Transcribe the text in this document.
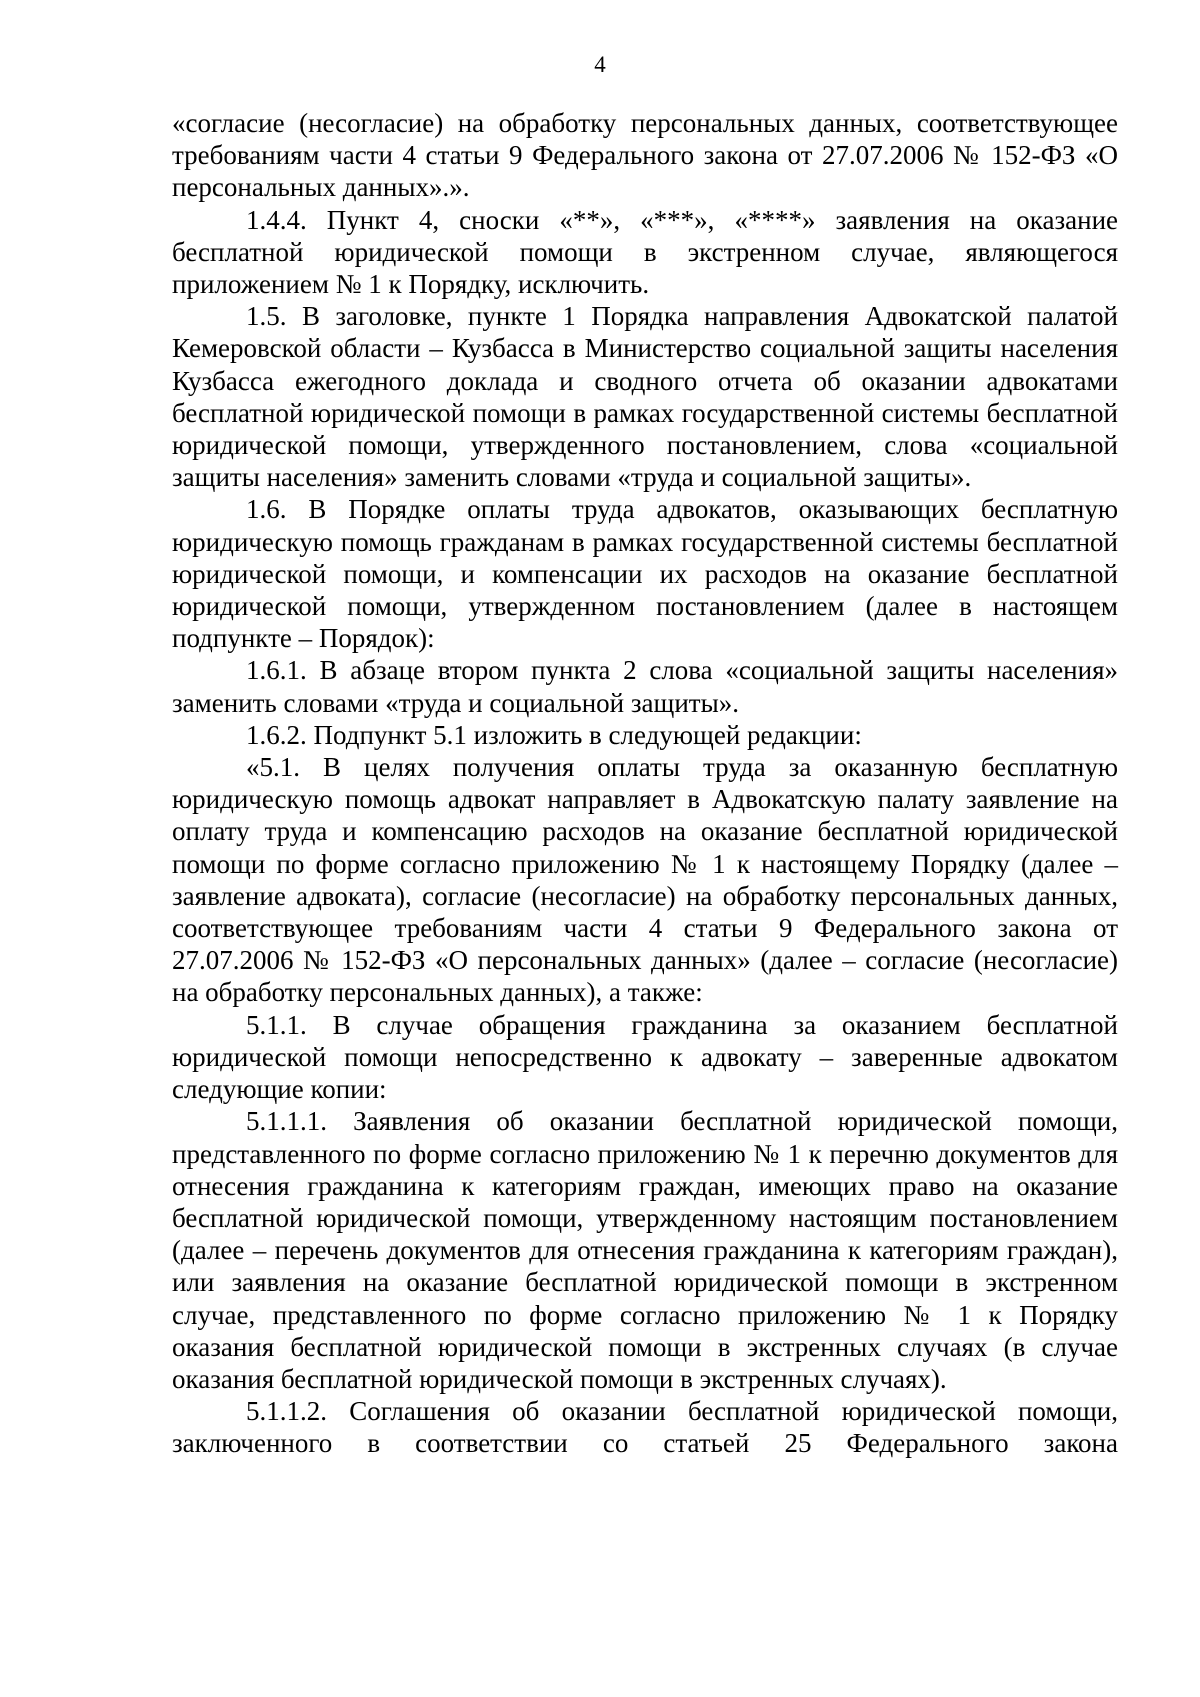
4

«согласие (несогласие) на обработку персональных данных, соответствующее требованиям части 4 статьи 9 Федерального закона от 27.07.2006 № 152-ФЗ «О персональных данных».».

1.4.4. Пункт 4, сноски «**», «***», «****» заявления на оказание бесплатной юридической помощи в экстренном случае, являющегося приложением № 1 к Порядку, исключить.

1.5. В заголовке, пункте 1 Порядка направления Адвокатской палатой Кемеровской области – Кузбасса в Министерство социальной защиты населения Кузбасса ежегодного доклада и сводного отчета об оказании адвокатами бесплатной юридической помощи в рамках государственной системы бесплатной юридической помощи, утвержденного постановлением, слова «социальной защиты населения» заменить словами «труда и социальной защиты».

1.6. В Порядке оплаты труда адвокатов, оказывающих бесплатную юридическую помощь гражданам в рамках государственной системы бесплатной юридической помощи, и компенсации их расходов на оказание бесплатной юридической помощи, утвержденном постановлением (далее в настоящем подпункте – Порядок):

1.6.1. В абзаце втором пункта 2 слова «социальной защиты населения» заменить словами «труда и социальной защиты».

1.6.2. Подпункт 5.1 изложить в следующей редакции:

«5.1. В целях получения оплаты труда за оказанную бесплатную юридическую помощь адвокат направляет в Адвокатскую палату заявление на оплату труда и компенсацию расходов на оказание бесплатной юридической помощи по форме согласно приложению № 1 к настоящему Порядку (далее – заявление адвоката), согласие (несогласие) на обработку персональных данных, соответствующее требованиям части 4 статьи 9 Федерального закона от 27.07.2006 № 152-ФЗ «О персональных данных» (далее – согласие (несогласие) на обработку персональных данных), а также:

5.1.1. В случае обращения гражданина за оказанием бесплатной юридической помощи непосредственно к адвокату – заверенные адвокатом следующие копии:

5.1.1.1. Заявления об оказании бесплатной юридической помощи, представленного по форме согласно приложению № 1 к перечню документов для отнесения гражданина к категориям граждан, имеющих право на оказание бесплатной юридической помощи, утвержденному настоящим постановлением (далее – перечень документов для отнесения гражданина к категориям граждан), или заявления на оказание бесплатной юридической помощи в экстренном случае, представленного по форме согласно приложению № 1 к Порядку оказания бесплатной юридической помощи в экстренных случаях (в случае оказания бесплатной юридической помощи в экстренных случаях).

5.1.1.2. Соглашения об оказании бесплатной юридической помощи, заключенного в соответствии со статьей 25 Федерального закона
